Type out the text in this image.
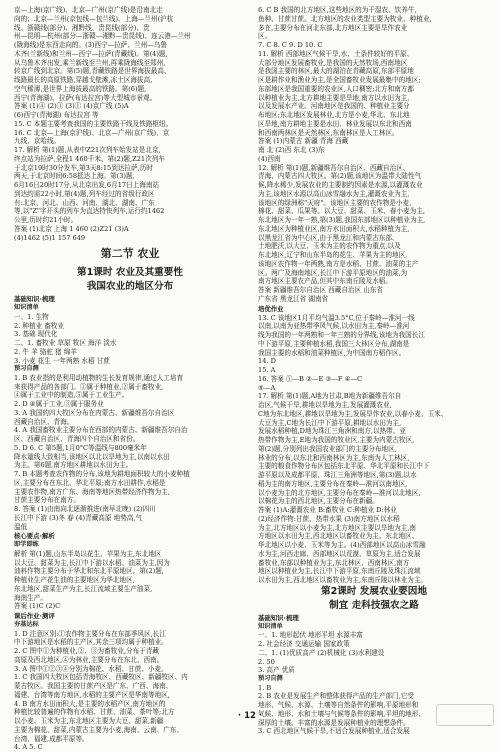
京—上海(京广线)、北京—广州(京广线)是沿南北走

向的；北京—兰州(京包线—包兰线)、上海—兰州(沪杭

线、浙赣线(部分)、湘黔线、贵昆线(部分)、贵

州—昆明—杭州(部分—浙赣—湘黔—贵昆线)、连云港—兰州

(陇海线)是东西走向的。(3)西宁—拉萨、兰州—乌鲁

木齐(兰新线)和兰州—西宁—拉萨(青藏线)。第(4)题,

从乌鲁木齐出发,乘兰新线至兰州,再乘陇海线至郑州,

转京广线到北京。第(5)题,青藏铁路是世界海拔最高、

线路最长的高原铁路,穿越戈壁滩,冻土区海拔高、

空气稀薄,是世界上海拔最高的铁路。第(6)题,

西宁(青海湖)、拉萨(布达拉宫)等大型城市景观。

答案 (1)④ (2)③ (3)① (4)京广线 (5)A

(6)西宁(青海湖) 布达拉宫 等

15. C 本题主要考查我国的主要铁路干线及铁路枢纽。

16. C 北京—上海(京沪线)、北京—广州(京广线)、京

九线、京哈线。

17. 解析 第(1)题,从表中Z21次列车始发站是北京,

终点站为拉萨,全程1 460千米。第(2)题,Z21次列车

于北京19时30分发车,第3天8:15到达拉萨,历时

两天,于北京时间6:58抵达上海。第(3)题,

6月16日20时17分,从北京出发,6月17日上海南站

到达约需22小时,第(4)题,列车经过的省级行政区

有:北京、河北、山西、河南、湖北、湖南、广东

等,以"Z"字开头的列车为直达特快列车,运行约1462

公里,历时约21小时。

答案 (1)北京 上海 1 460 (2)Z21 (3)A

(4)1462 (5)1 157 649

第二节 农业

第1课时 农业及其重要性

我国农业的地区分布

基础知识·梳理

知识清单

一、1. 生物

2. 种植业 畜牧业

3. 基础 现代化

二、1. 畜牧业 草原 牧区 海洋 淡水

2. 牛 羊 骆驼 猪 绵羊

3. 小麦 花生 一年两熟 水稻 甘蔗

预习自测

1. B 农业指的是利用动植物的生长发育规律,通过人工培育

来获得产品的各部门。①属于种植业,②属于畜牧业,

④属于工业中的制造,⑤属于工业生产。

2. D ④属于工业,③属于服务业

3. A 我国的四大牧区分布在内蒙古、新疆维吾尔自治区

西藏自治区、青海。

4. A 我国畜牧业主要分布在西部的内蒙古、新疆维吾尔自治

区、西藏自治区、青海四个自治区和省份。

5. D 6. C 第5题,1月0°C等温线与800毫米年

降水量线大致相当,该地区以北以旱地为主,以南以水田

为主。第6题,南方地区耕地以水田为主。

7. B 本题考查农作物的分布,该地为耕地面积较大的小麦种植

区,主要分布在东北、华北平原;南方水田耕作,水稻是

主要农作物,南方广东、海南等地区热带经济作物为主,

甘蔗主要分布在南方。

8. 答案 (1)由南向北逐渐推进(南早北晚) (2)四川

长江中下游 (3)冬 春 (4)青藏高原 地势高,气

温低

核心要点·解析

即学即练

解析 第(1)题,山东半岛以花生、苹果为主,东北地区

以大豆、甜菜为主,长江中下游以水稻、油菜为主,因为

油料作物主要分布于华北和东北平原地区。第(2)题,

种植业生产花生油的主要地区为华北地区,

东北地区,甜菜生产为主,长江流域主要生产油菜,

海南生产。

答案 (1)C (2)C

课后作业·测评

夯基达标

1. D 注意区别:①农作物主要分布在东部季风区,长江

中下游地区是水稻的主产区,其余三项均属于种植业。

2. C 图中①为种植业,②、③为畜牧业,分布于青藏

高原及西北地区,④为林业,主要分布在东北、西南。

3. A 图中①②③④分别为棉花、水稻、甘蔗、小麦。

1. C 我国四大牧区包括青海牧区、西藏牧区、新疆牧区、内

蒙古牧区。我国主要的甘蔗产区是广东、广西、海南、

福建、台湾等南方地区,水稻的主要产区是华南等地区,

4. B 南方水田面积大,是主要的水稻产区,南方地区的

种植比较普遍的作物有水稻、甘蔗、油菜、茶叶等;北方

以小麦、玉米为主,东北地区主要为大豆、甜菜,新疆

主要为棉花、甜菜,内蒙古主要为小麦,海南、云南、广东、

台湾、福建,成都平原等。

4. A 5. C

6. C B 我国的北方地区,这些地区的为干湿农、饮养牛,

鱼种、甘蔗甘蔗。北方地区的农业类型主要为牧业、种植业,

多在,主要分布在河北东部,北方地区主要是旱作农业

区。

7. C 8. C 9. D 10. C

11. 解析 西部地区气候干旱,水、土条件较好的平原、

大部分地区发展畜牧业,是我国的天然牧场,西南地区

是我国主要的林区,最大的湖泊在青藏高原,东部平原地

区是耕作业和渔业为主,是全国畜牧业发展最集中的地区;

东部地区是我国重要的农业区,人口稠密;北方和南方都

以种植业为主,北方耕地主要是旱地,南方以水田为主,

以及发展水产业。河南地区是我国的、种植业主要分

布地区;东北地区发展林业,北方是小麦,华北、东北地

区旱地,南方耕地主要是水田、林业发展以东北和西南

和西南两林区是天然林区,东南林区是人工林区。

答案 (1)内蒙古 新疆 青海 西藏

南 北 (2)西 东北 (3)东

(4)西南

12. 解析 第(1)题,新疆维吾尔自治区、西藏自治区、

青海、内蒙古四大牧区。第(2)题,该地区为温带大陆性气

候,降水稀少,发展农业的主要制约因素是水源,以灌溉农业

为主,该地区水源以高山冰雪融水为主,灌溉农业为主,

该地区的绿洲称"天府"。该地区主要的农作物是小麦、

棉花、甜菜、瓜果等。以大豆、甜菜、玉米、春小麦为主,

东北地区为一年一熟,第(3)题,我国东部地区以种植业为主,

东北地区为种植业区,南方水田面积大,水稻种植为主,

以黑龙江省为中心区,由于黑龙江和内蒙古东部、

土地肥沃,以大豆、玉米为主的农作物为重点,以及

东北地区,辽宁和山东半岛的花生、苹果为主的地区,

该地区农作物一年两熟,南方是水稻、甘蔗、油菜的主产

区。两广及海南地区,长江中下游平原地区的油菜,为

南方地区主要农产品,但其中东南丘陵及水稻。

答案 新疆维吾尔自治区 西藏自治区 山东省

广东省 黑龙江省 湖南省

培优作业

13. C 该地区1月平均气温3.5°C,位于秦岭—淮河一线

以南,以南为亚热带季风气候,以水田为主,秦岭—淮河

线为我国的一年两熟和一年三熟的分界线,该地为我国长江

中下游平原,主要种植水稻,我国三大林区分布,湖南是

我国主要的水稻和油菜种植区,为中国南方稻作区。

14. D

15. A

16. 答案 ①—B ②—E ③—F ④—C

⑤—A

17. 解析 第(1)题,A地为甘肃,B地为新疆维吾尔自

治区,气候干旱,耕地以旱地为主,发展灌溉农业,

C地为东北地区,耕地以旱地为主,发展旱作农业,以春小麦、玉米、

大豆为主,C地为长江中下游平原,耕地以水田为主,

发展水稻种植,D地为珠江三角洲和南方,以热带、亚

热带作物为主,E地为我国的牧业区,主要为内蒙古牧区,

第(2)题,分别列出我国农业部门的主要分布地区,

林业的分布,以东北和西南林区为主,东南为人工林区,

主要的粮食作物分布区包括东北平原、华北平原和长江中下

游平原以及成都平原、珠江三角洲等地区,第(3)题,以水

稻为主的南方地区,主要分布在秦岭—淮河以南地区,

以小麦为主的北方地区,主要分布在秦岭—淮河以北地区,

以棉花为主的西北地区,主要分布在新疆。

答案 (1)A:灌溉农业 B:畜牧业 C:种植业 D:林业

(2)经济作物:甘蔗、热带水果 (3)南方地区以水稻

为主,北方地区以小麦为主,北方地区主要以旱地为主,南

方地区以水田为主,西北地区以畜牧业为主。东北地区、

华北地区以小麦、玉米等为主。(4)西部地区以高山冰雪融

水为主,河西走廊、西部地区以荒漠、草原为主,适合发展

畜牧业,东部以种植业为主,东北林区、西南林区,南方

地区以种植业为主,长江中下游平原,东南丘陵及珠江流域

以水田为主,西北地区以畜牧业为主,东南丘陵以林业为主。

第2课时 发展农业要因地

制宜 走科技强农之路

基础知识·梳理

知识清单

一、1. 地形起伏 地形平坦 水源丰富

2. 社会经济 交通运输 国家政策

二、1. (1)优质高产 (2)机械化 (3)水利建设

2. 50

3. 高产 优质

预习自测

1. B

2. B 农业是发展生产和整体获得产品的生产部门,它受

地形、气候、水源、土壤等自然条件的影响,平原地形和

气候、地形、水和土壤与气候等条件的影响,平坦的地形、

深厚的土壤、丰富的水源是发展种植业的理想条件。

3. C 西北地区气候干旱,不适合发展种植业,适合发展

· 12 ·
